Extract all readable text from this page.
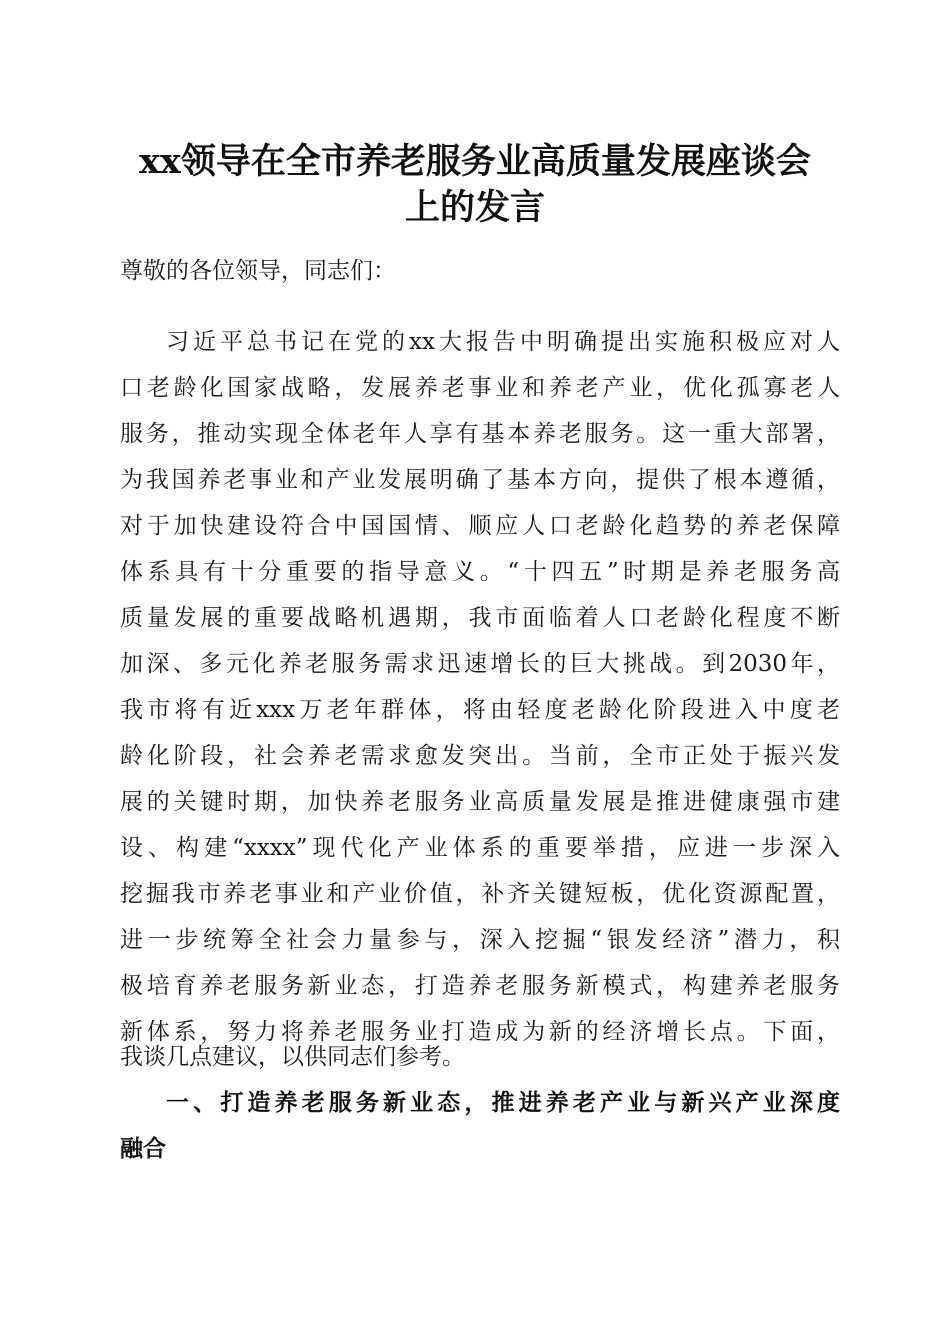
xx领导在全市养老服务业高质量发展座谈会
上的发言

尊敬的各位领导，同志们：

习近平总书记在党的xx大报告中明确提出实施积极应对人

口老龄化国家战略，发展养老事业和养老产业，优化孤寡老人

服务，推动实现全体老年人享有基本养老服务。这一重大部署，

为我国养老事业和产业发展明确了基本方向，提供了根本遵循，

对于加快建设符合中国国情、顺应人口老龄化趋势的养老保障

体系具有十分重要的指导意义。“十四五”时期是养老服务高

质量发展的重要战略机遇期，我市面临着人口老龄化程度不断

加深、多元化养老服务需求迅速增长的巨大挑战。到2030年，

我市将有近xxx万老年群体，将由轻度老龄化阶段进入中度老

龄化阶段，社会养老需求愈发突出。当前，全市正处于振兴发

展的关键时期，加快养老服务业高质量发展是推进健康强市建

设、构建“xxxx”现代化产业体系的重要举措，应进一步深入

挖掘我市养老事业和产业价值，补齐关键短板，优化资源配置，

进一步统筹全社会力量参与，深入挖掘“银发经济”潜力，积

极培育养老服务新业态，打造养老服务新模式，构建养老服务

新体系，努力将养老服务业打造成为新的经济增长点。下面，

我谈几点建议，以供同志们参考。

一、打造养老服务新业态，推进养老产业与新兴产业深度
融合
